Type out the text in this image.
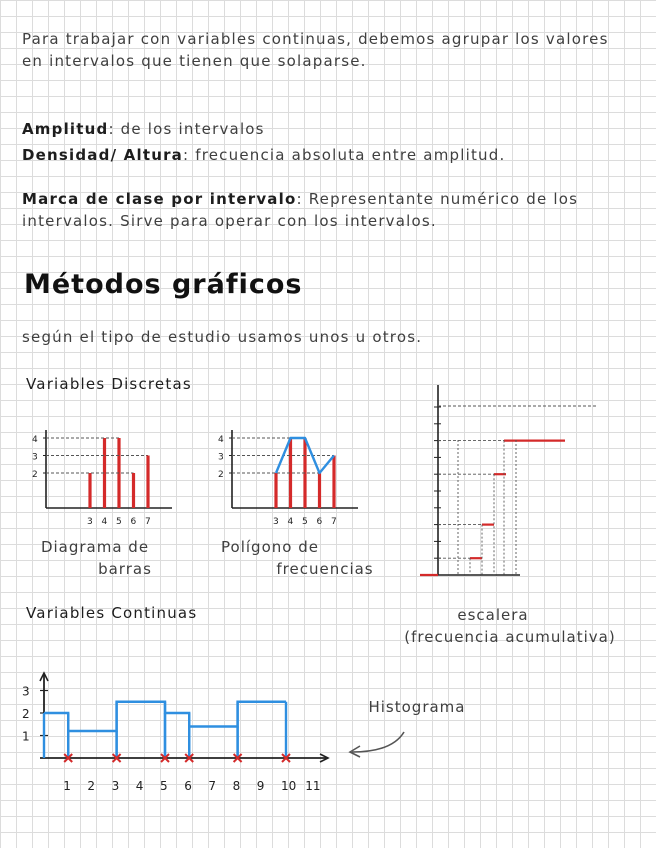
Para trabajar con variables continuas, debemos agrupar los valores en intervalos que tienen que solaparse.
Amplitud: de los intervalos
Densidad/ Altura: frecuencia absoluta entre amplitud.
Marca de clase por intervalo: Representante numérico de los intervalos. Sirve para operar con los intervalos.
Métodos gráficos
según el tipo de estudio usamos unos u otros.
Variables Discretas
Variables Continuas
Diagrama de
barras
Polígono de
frecuencias
escalera
(frecuencia acumulativa)
Histograma
2
3
4
3 4 5 6 7
2
3
4
3 4 5 6 7
1
2
3
1 2 3 4 5 6 7 8 9 10 11
